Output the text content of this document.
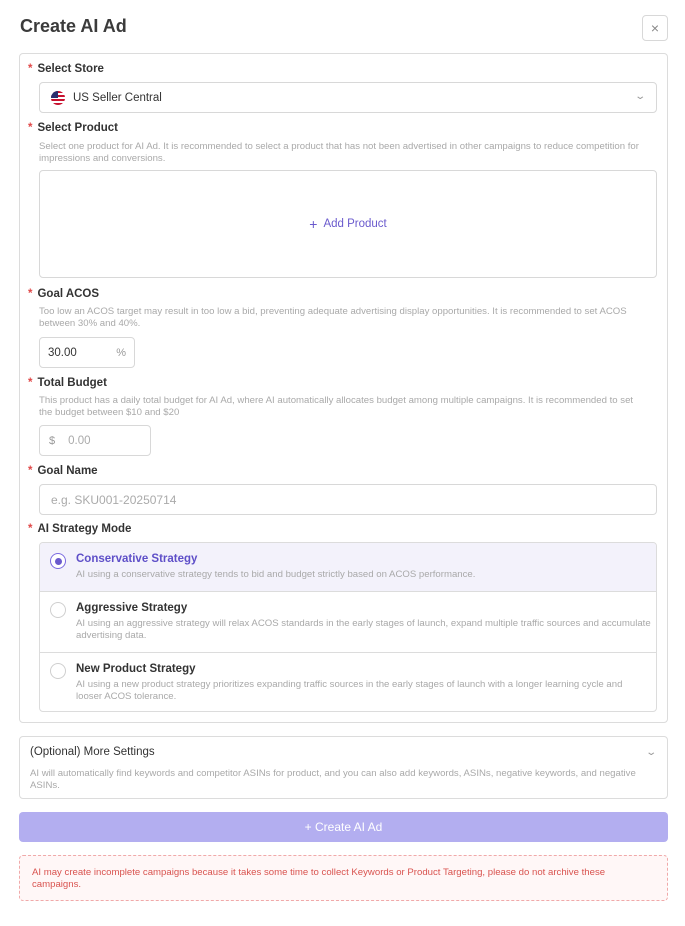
Create AI Ad	×
* Select Store
US Seller Central	⌄
* Select Product
Select one product for AI Ad. It is recommended to select a product that has not been advertised in other campaigns to reduce competition for impressions and conversions.
+ Add Product
* Goal ACOS
Too low an ACOS target may result in too low a bid, preventing adequate advertising display opportunities. It is recommended to set ACOS between 30% and 40%.
30.00	%
* Total Budget
This product has a daily total budget for AI Ad, where AI automatically allocates budget among multiple campaigns. It is recommended to set the budget between $10 and $20
$ 0.00
* Goal Name
e.g. SKU001-20250714
* AI Strategy Mode
Conservative Strategy
AI using a conservative strategy tends to bid and budget strictly based on ACOS performance.
Aggressive Strategy
AI using an aggressive strategy will relax ACOS standards in the early stages of launch, expand multiple traffic sources and accumulate advertising data.
New Product Strategy
AI using a new product strategy prioritizes expanding traffic sources in the early stages of launch with a longer learning cycle and looser ACOS tolerance.
(Optional) More Settings	⌄
AI will automatically find keywords and competitor ASINs for product, and you can also add keywords, ASINs, negative keywords, and negative ASINs.
+ Create AI Ad
AI may create incomplete campaigns because it takes some time to collect Keywords or Product Targeting, please do not archive these campaigns.
